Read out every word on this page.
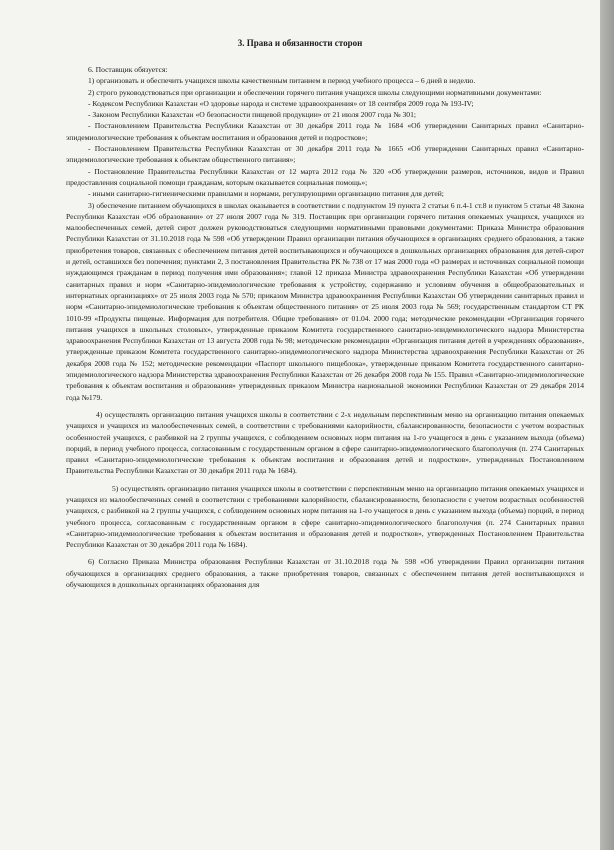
3. Права и обязанности сторон

6. Поставщик обязуется:

1) организовать и обеспечить учащихся школы качественным питанием в период учебного процесса – 6 дней в неделю.

2) строго руководствоваться при организации и обеспечении горячего питания учащихся школы следующими нормативными документами:

- Кодексом Республики Казахстан «О здоровье народа и системе здравоохранения» от 18 сентября 2009 года № 193-IV;

- Законом Республики Казахстан «О безопасности пищевой продукции» от 21 июля 2007 года № 301;

- Постановлением Правительства Республики Казахстан от 30 декабря 2011 года № 1684 «Об утверждении Санитарных правил «Санитарно-эпидемиологические требования к объектам воспитания и образования детей и подростков»;

- Постановлением Правительства Республики Казахстан от 30 декабря 2011 года № 1665 «Об утверждении Санитарных правил «Санитарно-эпидемиологические требования к объектам общественного питания»;

- Постановление Правительства Республики Казахстан от 12 марта 2012 года № 320 «Об утверждении размеров, источников, видов и Правил предоставления социальной помощи гражданам, которым оказывается социальная помощь»;

- иными санитарно-гигиеническими правилами и нормами, регулирующими организацию питания для детей;

3) обеспечение питанием обучающихся в школах оказывается в соответствии с подпунктом 19 пункта 2 статьи 6 п.4-1 ст.8 и пунктом 5 статьи 48 Закона Республики Казахстан «Об образовании» от 27 июля 2007 года № 319. Поставщик при организации горячего питания опекаемых учащихся, учащихся из малообеспеченных семей, детей сирот должен руководствоваться следующими нормативными правовыми документами: Приказа Министра образования Республики Казахстан от 31.10.2018 года № 598 «Об утверждении Правил организации питания обучающихся в организациях среднего образования, а также приобретения товаров, связанных с обеспечением питания детей воспитывающихся и обучающихся в дошкольных организациях образования для детей-сирот и детей, оставшихся без попечения; пунктами 2, 3 постановления Правительства РК № 738 от 17 мая 2000 года «О размерах и источниках социальной помощи нуждающимся гражданам в период получения ими образования»; главой 12 приказа Министра здравоохранения Республики Казахстан «Об утверждении санитарных правил и норм «Санитарно-эпидемиологические требования к устройству, содержанию и условиям обучения в общеобразовательных и интернатных организациях» от 25 июля 2003 года № 570; приказом Министра здравоохранения Республики Казахстан Об утверждении санитарных правил и норм «Санитарно-эпидемиологические требования к объектам общественного питания» от 25 июля 2003 года № 569; государственным стандартом СТ РК 1010-99 «Продукты пищевые. Информация для потребителя. Общие требования» от 01.04. 2000 года; методические рекомендации «Организация горячего питания учащихся в школьных столовых», утвержденные приказом Комитета государственного санитарно-эпидемиологического надзора Министерства здравоохранения Республики Казахстан от 13 августа 2008 года № 98; методические рекомендации «Организация питания детей в учреждениях образования», утвержденные приказом Комитета государственного санитарно-эпидемиологического надзора Министерства здравоохранения Республики Казахстан от 26 декабря 2008 года № 152; методические рекомендации «Паспорт школьного пищеблока», утвержденные приказом Комитета государственного санитарно-эпидемиологического надзора Министерства здравоохранения Республики Казахстан от 26 декабря 2008 года № 155. Правил «Санитарно-эпидемиологические требования к объектам воспитания и образования» утвержденных приказом Министра национальной экономики Республики Казахстан от 29 декабря 2014 года №179.

4) осуществлять организацию питания учащихся школы в соответствии с 2-х недельным перспективным меню на организацию питания опекаемых учащихся и учащихся из малообеспеченных семей, в соответствии с требованиями калорийности, сбалансированности, безопасности с учетом возрастных особенностей учащихся, с разбивкой на 2 группы учащихся, с соблюдением основных норм питания на 1-го учащегося в день с указанием выхода (объема) порций, в период учебного процесса, согласованным с государственным органом в сфере санитарно-эпидемиологического благополучия (п. 274 Санитарных правил «Санитарно-эпидемиологические требования к объектам воспитания и образования детей и подростков», утвержденных Постановлением Правительства Республики Казахстан от 30 декабря 2011 года № 1684).

5) осуществлять организацию питания учащихся школы в соответствии с перспективным меню на организацию питания опекаемых учащихся и учащихся из малообеспеченных семей в соответствии с требованиями калорийности, сбалансированности, безопасности с учетом возрастных особенностей учащихся, с разбивкой на 2 группы учащихся, с соблюдением основных норм питания на 1-го учащегося в день с указанием выхода (объема) порций, в период учебного процесса, согласованным с государственным органом в сфере санитарно-эпидемиологического благополучия (п. 274 Санитарных правил «Санитарно-эпидемиологические требования к объектам воспитания и образования детей и подростков», утвержденных Постановлением Правительства Республики Казахстан от 30 декабря 2011 года № 1684).

6) Согласно Приказа Министра образования Республики Казахстан от 31.10.2018 года № 598 «Об утверждении Правил организации питания обучающихся в организациях среднего образования, а также приобретения товаров, связанных с обеспечением питания детей воспитывающихся и обучающихся в дошкольных организациях образования для
